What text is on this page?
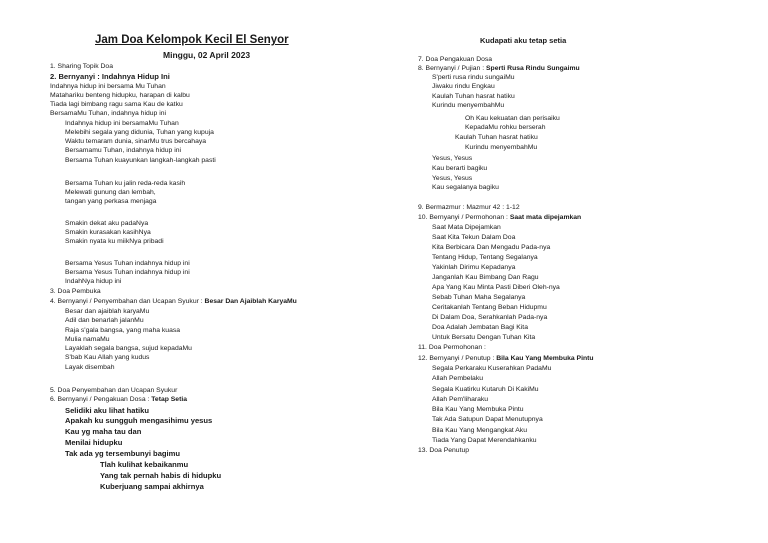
Jam Doa Kelompok Kecil El Senyor
Minggu, 02 April 2023
1. Sharing Topik Doa
2. Bernyanyi : Indahnya Hidup Ini
Indahnya hidup ini bersama Mu Tuhan
Matahariku benteng hidupku, harapan di kalbu
Tiada lagi bimbang ragu sama Kau de katku
BersamaMu Tuhan, indahnya hidup ini
Indahnya hidup ini bersamaMu Tuhan
Melebihi segala yang didunia, Tuhan yang kupuja
Waktu temaram dunia, sinarMu trus bercahaya
Bersamamu Tuhan, indahnya hidup ini
Bersama Tuhan kuayunkan langkah-langkah pasti
Bersama Tuhan ku jalin reda-reda kasih
Melewati gunung dan lembah,
tangan yang perkasa menjaga
Smakin dekat aku padaNya
Smakin kurasakan kasihNya
Smakin nyata ku miikNya pribadi
Bersama Yesus Tuhan indahnya hidup ini
Bersama Yesus Tuhan indahnya hidup ini
IndahNya hidup ini
3. Doa Pembuka
4. Bernyanyi / Penyembahan dan Ucapan Syukur : Besar Dan Ajaiblah KaryaMu
Besar dan ajaiblah karyaMu
Adil dan benarlah jalanMu
Raja s'gala bangsa, yang maha kuasa
Mulia namaMu
Layaklah segala bangsa, sujud kepadaMu
S'bab Kau Allah yang kudus
Layak disembah
5. Doa Penyembahan dan Ucapan Syukur
6. Bernyanyi / Pengakuan Dosa : Tetap Setia
Selidiki aku lihat hatiku
Apakah ku sungguh mengasihimu yesus
Kau yg maha tau dan
Menilai hidupku
Tak ada yg tersembunyi bagimu
Tlah kulihat kebaikanmu
Yang tak pernah habis di hidupku
Kuberjuang sampai akhirnya
Kudapati aku tetap setia
7. Doa Pengakuan Dosa
8. Bernyanyi / Pujian : Sperti Rusa Rindu Sungaimu
S'perti rusa rindu sungaiMu
Jiwaku rindu Engkau
Kaulah Tuhan hasrat hatiku
Kurindu menyembahMu
Oh Kau kekuatan dan perisaiku
KepadaMu rohku berserah
Kaulah Tuhan hasrat hatiku
Kurindu menyembahMu
Yesus, Yesus
Kau berarti bagiku
Yesus, Yesus
Kau segalanya bagiku
9. Bermazmur : Mazmur 42 : 1-12
10. Bernyanyi / Permohonan : Saat mata dipejamkan
Saat Mata Dipejamkan
Saat Kita Tekun Dalam Doa
Kita Berbicara Dan Mengadu Pada-nya
Tentang Hidup, Tentang Segalanya
Yakinlah Dirimu Kepadanya
Janganlah Kau Bimbang Dan Ragu
Apa Yang Kau Minta Pasti Diberi Oleh-nya
Sebab Tuhan Maha Segalanya
Ceritakanlah Tentang Beban Hidupmu
Di Dalam Doa, Serahkanlah Pada-nya
Doa Adalah Jembatan Bagi Kita
Untuk Bersatu Dengan Tuhan Kita
11. Doa Permohonan :
12. Bernyanyi / Penutup : Bila Kau Yang Membuka Pintu
Segala Perkaraku Kuserahkan PadaMu
Allah Pembelaku
Segala Kuatirku Kutaruh Di KakiMu
Allah Pem'liharaku
Bila Kau Yang Membuka Pintu
Tak Ada Satupun Dapat Menutupnya
Bila Kau Yang Mengangkat Aku
Tiada Yang Dapat Merendahkanku
13. Doa Penutup
